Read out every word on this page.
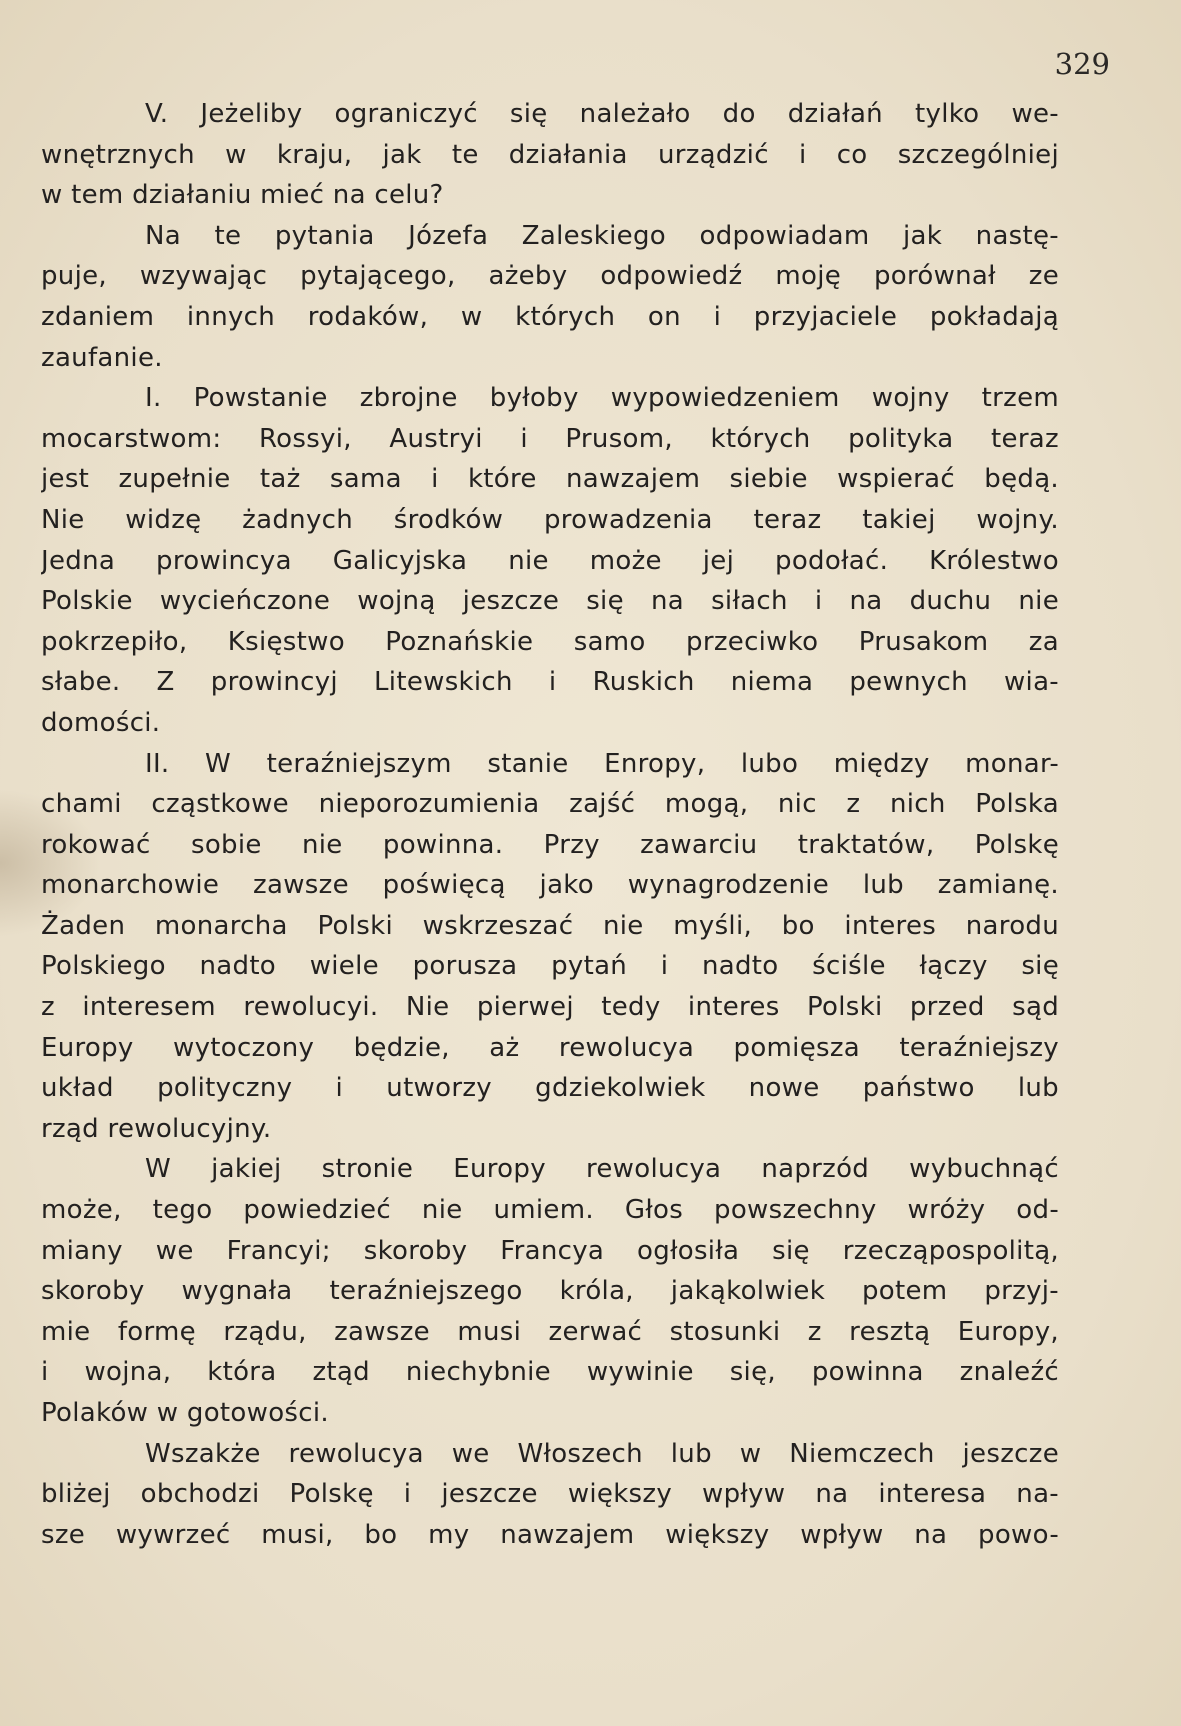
329
V. Jeżeliby ograniczyć się należało do działań tylko we-
wnętrznych w kraju, jak te działania urządzić i co szczególniej
w tem działaniu mieć na celu?
Na te pytania Józefa Zaleskiego odpowiadam jak nastę-
puje, wzywając pytającego, ażeby odpowiedź moję porównał ze
zdaniem innych rodaków, w których on i przyjaciele pokładają
zaufanie.
I. Powstanie zbrojne byłoby wypowiedzeniem wojny trzem
mocarstwom: Rossyi, Austryi i Prusom, których polityka teraz
jest zupełnie taż sama i które nawzajem siebie wspierać będą.
Nie widzę żadnych środków prowadzenia teraz takiej wojny.
Jedna prowincya Galicyjska nie może jej podołać. Królestwo
Polskie wycieńczone wojną jeszcze się na siłach i na duchu nie
pokrzepiło, Księstwo Poznańskie samo przeciwko Prusakom za
słabe. Z prowincyj Litewskich i Ruskich niema pewnych wia-
domości.
II. W teraźniejszym stanie Enropy, lubo między monar-
chami cząstkowe nieporozumienia zajść mogą, nic z nich Polska
rokować sobie nie powinna. Przy zawarciu traktatów, Polskę
monarchowie zawsze poświęcą jako wynagrodzenie lub zamianę.
Żaden monarcha Polski wskrzeszać nie myśli, bo interes narodu
Polskiego nadto wiele porusza pytań i nadto ściśle łączy się
z interesem rewolucyi. Nie pierwej tedy interes Polski przed sąd
Europy wytoczony będzie, aż rewolucya pomięsza teraźniejszy
układ polityczny i utworzy gdziekolwiek nowe państwo lub
rząd rewolucyjny.
W jakiej stronie Europy rewolucya naprzód wybuchnąć
może, tego powiedzieć nie umiem. Głos powszechny wróży od-
miany we Francyi; skoroby Francya ogłosiła się rzecząpospolitą,
skoroby wygnała teraźniejszego króla, jakąkolwiek potem przyj-
mie formę rządu, zawsze musi zerwać stosunki z resztą Europy,
i wojna, która ztąd niechybnie wywinie się, powinna znaleźć
Polaków w gotowości.
Wszakże rewolucya we Włoszech lub w Niemczech jeszcze
bliżej obchodzi Polskę i jeszcze większy wpływ na interesa na-
sze wywrzeć musi, bo my nawzajem większy wpływ na powo-
